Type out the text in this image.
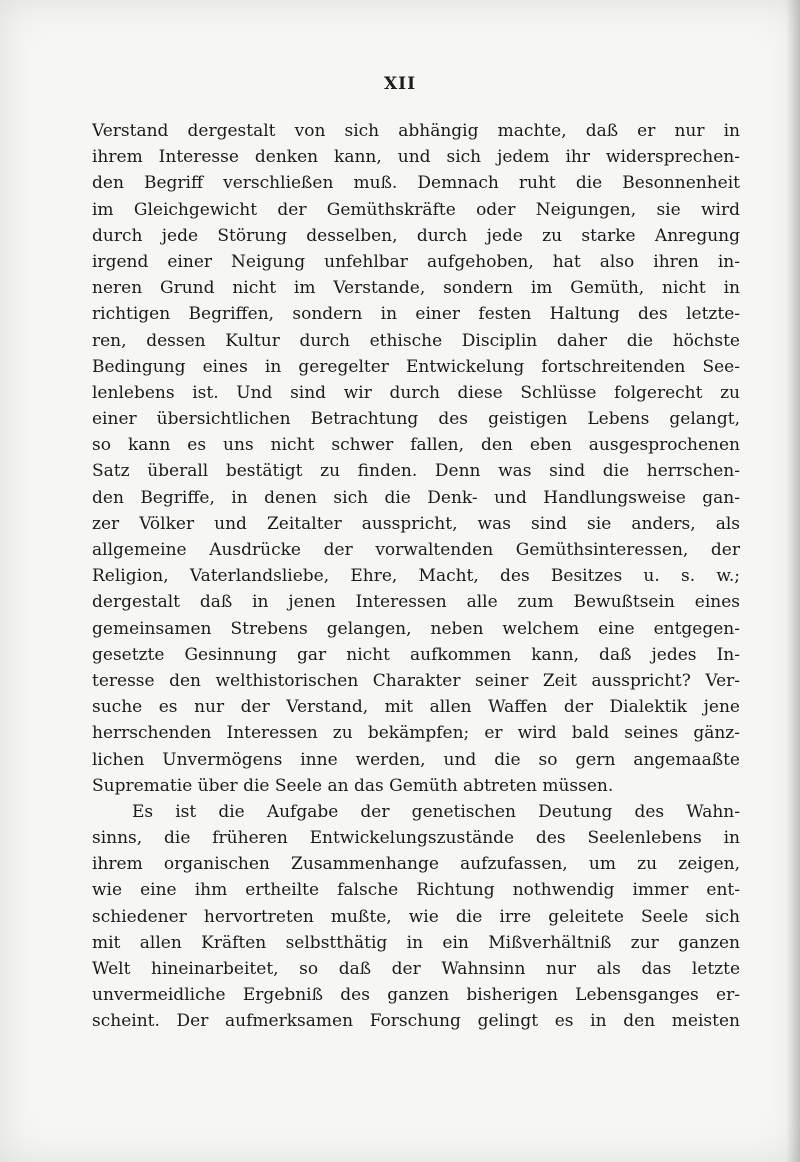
XII
Verstand dergestalt von sich abhängig machte, daß er nur in
ihrem Interesse denken kann, und sich jedem ihr widersprechen-
den Begriff verschließen muß. Demnach ruht die Besonnenheit
im Gleichgewicht der Gemüthskräfte oder Neigungen, sie wird
durch jede Störung desselben, durch jede zu starke Anregung
irgend einer Neigung unfehlbar aufgehoben, hat also ihren in-
neren Grund nicht im Verstande, sondern im Gemüth, nicht in
richtigen Begriffen, sondern in einer festen Haltung des letzte-
ren, dessen Kultur durch ethische Disciplin daher die höchste
Bedingung eines in geregelter Entwickelung fortschreitenden See-
lenlebens ist. Und sind wir durch diese Schlüsse folgerecht zu
einer übersichtlichen Betrachtung des geistigen Lebens gelangt,
so kann es uns nicht schwer fallen, den eben ausgesprochenen
Satz überall bestätigt zu finden. Denn was sind die herrschen-
den Begriffe, in denen sich die Denk- und Handlungsweise gan-
zer Völker und Zeitalter ausspricht, was sind sie anders, als
allgemeine Ausdrücke der vorwaltenden Gemüthsinteressen, der
Religion, Vaterlandsliebe, Ehre, Macht, des Besitzes u. s. w.;
dergestalt daß in jenen Interessen alle zum Bewußtsein eines
gemeinsamen Strebens gelangen, neben welchem eine entgegen-
gesetzte Gesinnung gar nicht aufkommen kann, daß jedes In-
teresse den welthistorischen Charakter seiner Zeit ausspricht? Ver-
suche es nur der Verstand, mit allen Waffen der Dialektik jene
herrschenden Interessen zu bekämpfen; er wird bald seines gänz-
lichen Unvermögens inne werden, und die so gern angemaaßte
Suprematie über die Seele an das Gemüth abtreten müssen.
Es ist die Aufgabe der genetischen Deutung des Wahn-
sinns, die früheren Entwickelungszustände des Seelenlebens in
ihrem organischen Zusammenhange aufzufassen, um zu zeigen,
wie eine ihm ertheilte falsche Richtung nothwendig immer ent-
schiedener hervortreten mußte, wie die irre geleitete Seele sich
mit allen Kräften selbstthätig in ein Mißverhältniß zur ganzen
Welt hineinarbeitet, so daß der Wahnsinn nur als das letzte
unvermeidliche Ergebniß des ganzen bisherigen Lebensganges er-
scheint. Der aufmerksamen Forschung gelingt es in den meisten
